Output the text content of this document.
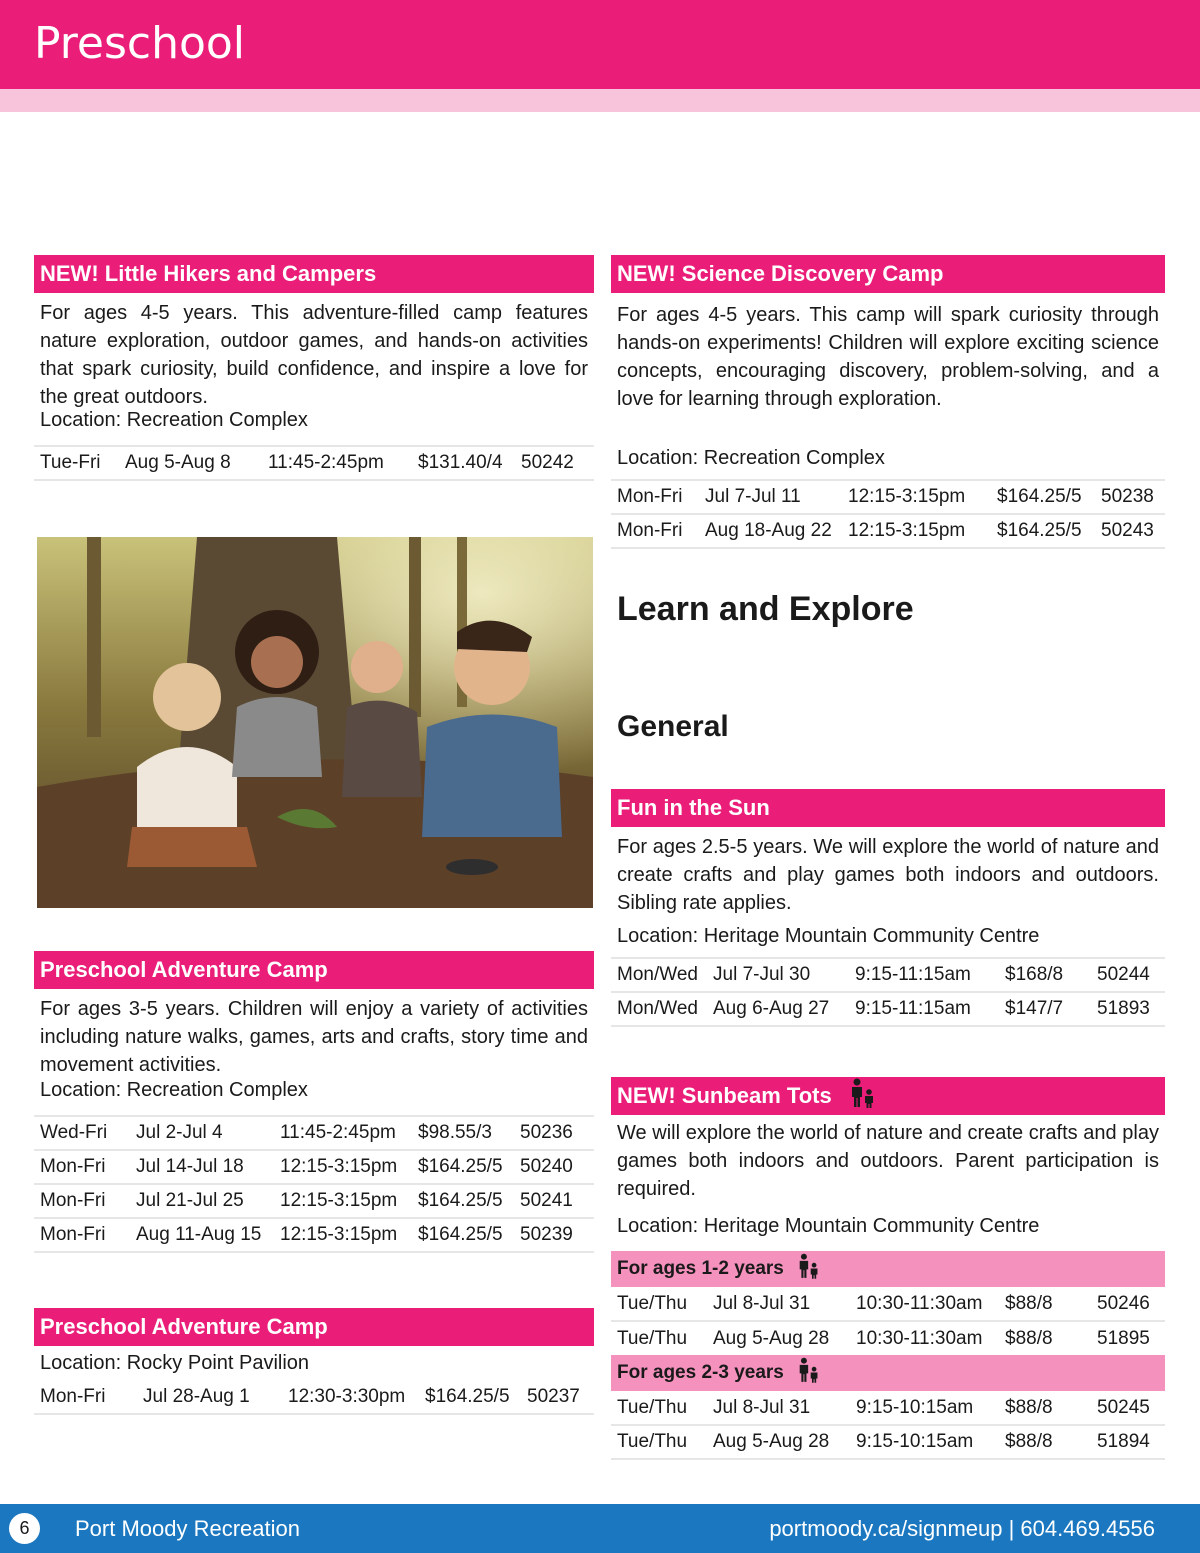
Preschool
NEW! Little Hikers and Campers

For ages 4-5 years. This adventure-filled camp features nature exploration, outdoor games, and hands-on activities that spark curiosity, build confidence, and inspire a love for the great outdoors.

Location: Recreation Complex

Tue-Fri	Aug 5-Aug 8	11:45-2:45pm	$131.40/4	50242
Preschool Adventure Camp

For ages 3-5 years. Children will enjoy a variety of activities including nature walks, games, arts and crafts, story time and movement activities.

Location: Recreation Complex

Wed-Fri	Jul 2-Jul 4	11:45-2:45pm	$98.55/3	50236
Mon-Fri	Jul 14-Jul 18	12:15-3:15pm	$164.25/5	50240
Mon-Fri	Jul 21-Jul 25	12:15-3:15pm	$164.25/5	50241
Mon-Fri	Aug 11-Aug 15	12:15-3:15pm	$164.25/5	50239
Preschool Adventure Camp

Location: Rocky Point Pavilion

Mon-Fri	Jul 28-Aug 1	12:30-3:30pm	$164.25/5	50237
NEW! Science Discovery Camp

For ages 4-5 years. This camp will spark curiosity through hands-on experiments! Children will explore exciting science concepts, encouraging discovery, problem-solving, and a love for learning through exploration.

Location: Recreation Complex

Mon-Fri	Jul 7-Jul 11	12:15-3:15pm	$164.25/5	50238
Mon-Fri	Aug 18-Aug 22	12:15-3:15pm	$164.25/5	50243
Learn and Explore
General
Fun in the Sun

For ages 2.5-5 years. We will explore the world of nature and create crafts and play games both indoors and outdoors. Sibling rate applies.

Location: Heritage Mountain Community Centre

Mon/Wed	Jul 7-Jul 30	9:15-11:15am	$168/8	50244
Mon/Wed	Aug 6-Aug 27	9:15-11:15am	$147/7	51893
NEW! Sunbeam Tots

We will explore the world of nature and create crafts and play games both indoors and outdoors. Parent participation is required.

Location: Heritage Mountain Community Centre

For ages 1-2 years
Tue/Thu	Jul 8-Jul 31	10:30-11:30am	$88/8	50246
Tue/Thu	Aug 5-Aug 28	10:30-11:30am	$88/8	51895
For ages 2-3 years
Tue/Thu	Jul 8-Jul 31	9:15-10:15am	$88/8	50245
Tue/Thu	Aug 5-Aug 28	9:15-10:15am	$88/8	51894
6	Port Moody Recreation	portmoody.ca/signmeup | 604.469.4556
